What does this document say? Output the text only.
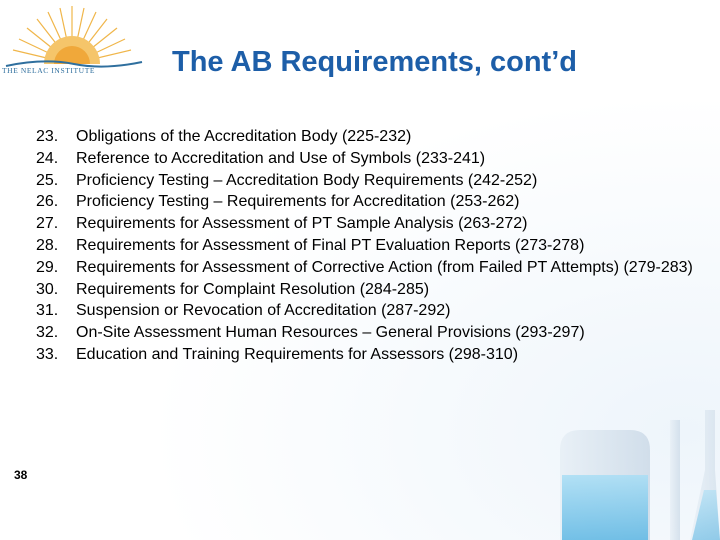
THE NELAC INSTITUTE	The AB Requirements, cont’d
23.	Obligations of the Accreditation Body (225-232)
24.	Reference to Accreditation and Use of Symbols (233-241)
25.	Proficiency Testing – Accreditation Body Requirements (242-252)
26.	Proficiency Testing – Requirements for Accreditation (253-262)
27.	Requirements for Assessment of PT Sample Analysis (263-272)
28.	Requirements for Assessment of Final PT Evaluation Reports (273-278)
29.	Requirements for Assessment of Corrective Action (from Failed PT Attempts) (279-283)
30.	Requirements for Complaint Resolution (284-285)
31.	Suspension or Revocation of Accreditation (287-292)
32.	On-Site Assessment Human Resources – General Provisions (293-297)
33.	Education and Training Requirements for Assessors (298-310)
38
